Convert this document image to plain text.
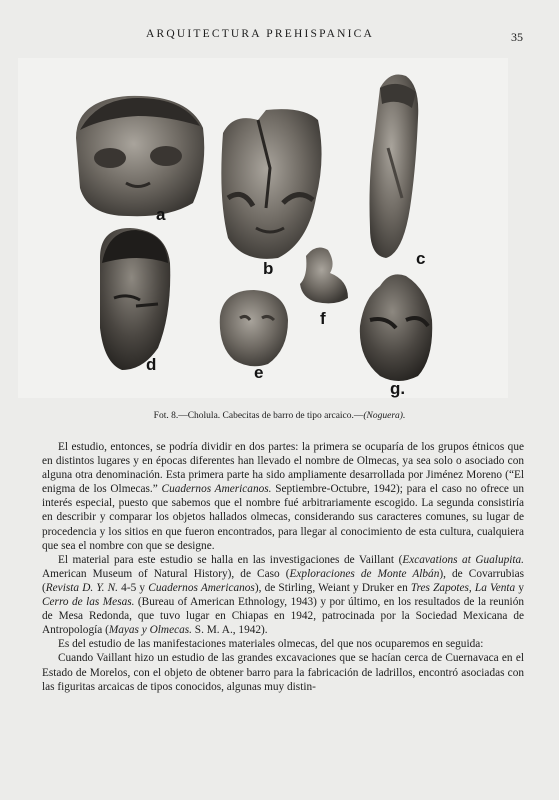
ARQUITECTURA PREHISPANICA	35
a
b
c
d	e
f
g.
Fot. 8.—Cholula. Cabecitas de barro de tipo arcaico.—(Noguera).

El estudio, entonces, se podría dividir en dos partes: la primera se ocuparía de los grupos étnicos que en distintos lugares y en épocas diferentes han llevado el nombre de Olmecas, ya sea solo o asociado con alguna otra denominación. Esta primera parte ha sido ampliamente desarrollada por Jiménez Moreno (“El enigma de los Olmecas.” Cuadernos Americanos. Septiembre-Octubre, 1942); para el caso no ofrece un interés especial, puesto que sabemos que el nombre fué arbitrariamente escogido. La segunda consistiría en describir y comparar los objetos hallados olmecas, considerando sus caracteres comunes, su lugar de procedencia y los sitios en que fueron encontrados, para llegar al conocimiento de esta cultura, cualquiera que sea el nombre con que se designe.

El material para este estudio se halla en las investigaciones de Vaillant (Excavations at Gualupita. American Museum of Natural History), de Caso (Exploraciones de Monte Albán), de Covarrubias (Revista D. Y. N. 4-5 y Cuadernos Americanos), de Stirling, Weiant y Druker en Tres Zapotes, La Venta y Cerro de las Mesas. (Bureau of American Ethnology, 1943) y por último, en los resultados de la reunión de Mesa Redonda, que tuvo lugar en Chiapas en 1942, patrocinada por la Sociedad Mexicana de Antropología (Mayas y Olmecas. S. M. A., 1942).

Es del estudio de las manifestaciones materiales olmecas, del que nos ocuparemos en seguida:

Cuando Vaillant hizo un estudio de las grandes excavaciones que se hacían cerca de Cuernavaca en el Estado de Morelos, con el objeto de obtener barro para la fabricación de ladrillos, encontró asociadas con las figuritas arcaicas de tipos conocidos, algunas muy distin-
